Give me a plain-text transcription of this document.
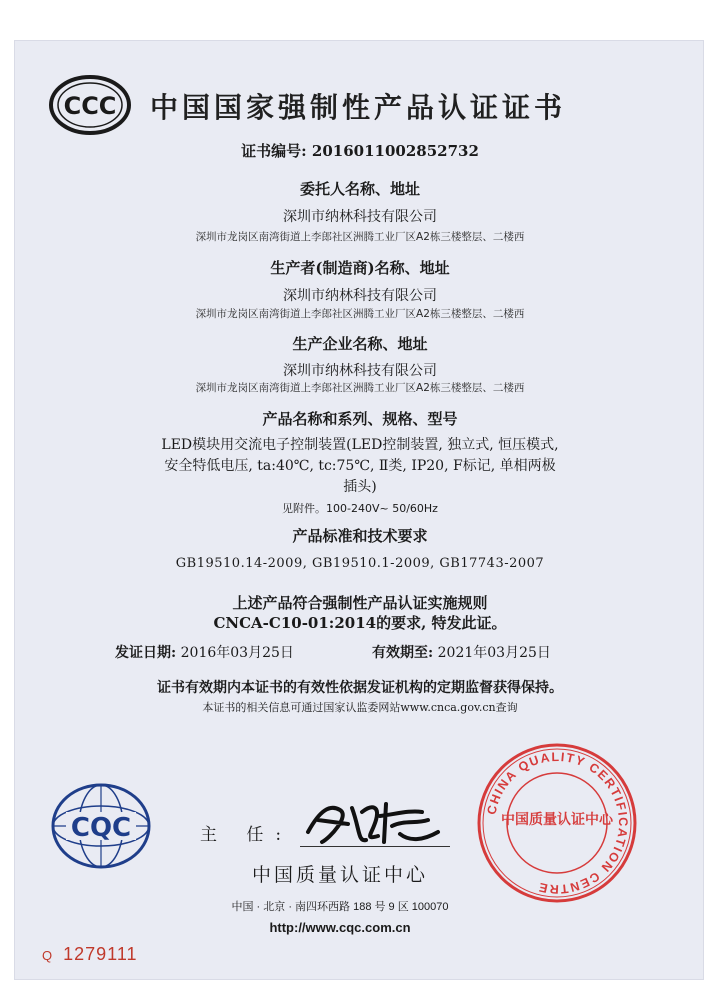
CCC 中国国家强制性产品认证证书
证书编号: 2016011002852732
委托人名称、地址
深圳市纳林科技有限公司
深圳市龙岗区南湾街道上李郎社区洲腾工业厂区A2栋三楼整层、二楼西
生产者(制造商)名称、地址
深圳市纳林科技有限公司
深圳市龙岗区南湾街道上李郎社区洲腾工业厂区A2栋三楼整层、二楼西
生产企业名称、地址
深圳市纳林科技有限公司
深圳市龙岗区南湾街道上李郎社区洲腾工业厂区A2栋三楼整层、二楼西
产品名称和系列、规格、型号
LED模块用交流电子控制装置(LED控制装置, 独立式, 恒压模式,
安全特低电压, ta:40℃, tc:75℃, Ⅱ类, IP20, F标记, 单相两极
插头)
见附件。100-240V~ 50/60Hz
产品标准和技术要求
GB19510.14-2009, GB19510.1-2009, GB17743-2007
上述产品符合强制性产品认证实施规则
CNCA-C10-01:2014的要求, 特发此证。
发证日期: 2016年03月25日	有效期至: 2021年03月25日
证书有效期内本证书的有效性依据发证机构的定期监督获得保持。
本证书的相关信息可通过国家认监委网站www.cnca.gov.cn查询
CQC	主 任:
中国质量认证中心
中国 · 北京 · 南四环西路 188 号 9 区 100070
http://www.cqc.com.cn
CHINA QUALITY CERTIFICATION CENTRE
中国质量认证中心
Q 1279111
